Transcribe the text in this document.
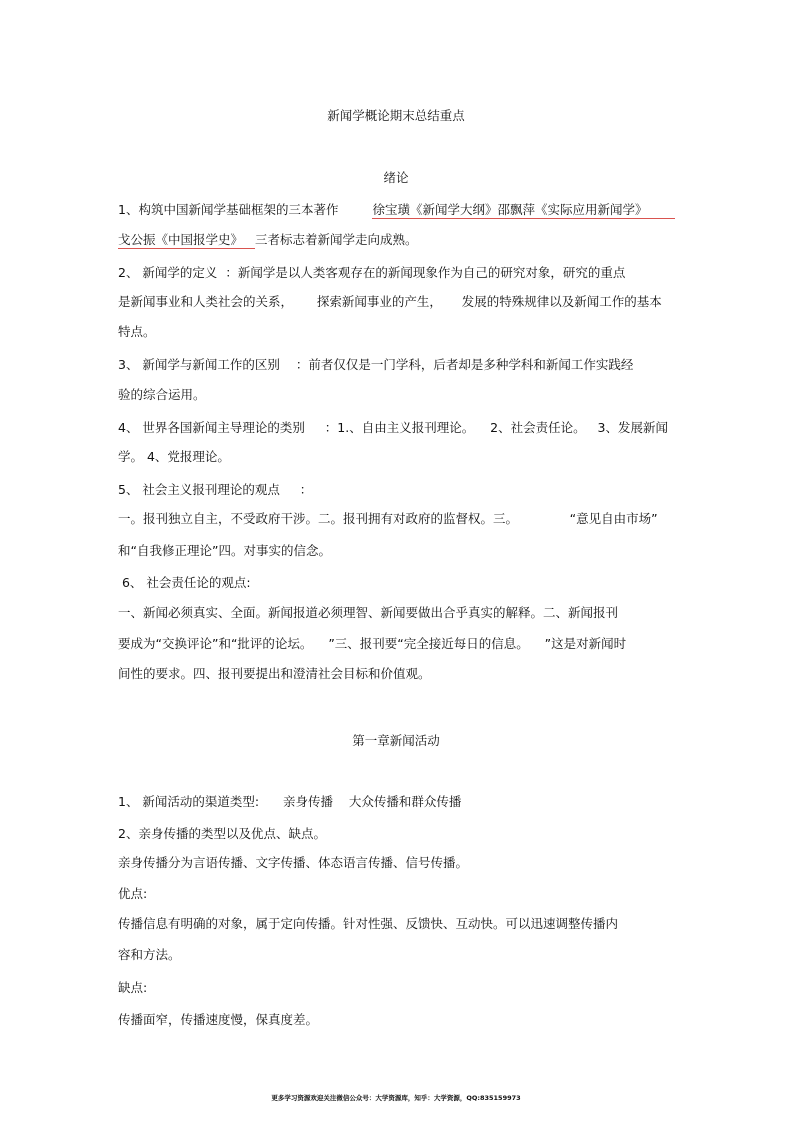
新闻学概论期末总结重点
绪论
1、构筑中国新闻学基础框架的三本著作	徐宝璜《新闻学大纲》邵飘萍《实际应用新闻学》
戈公振《中国报学史》 三者标志着新闻学走向成熟。
2、 新闻学的定义  ：新闻学是以人类客观存在的新闻现象作为自己的研究对象，研究的重点
是新闻事业和人类社会的关系，      探索新闻事业的产生，     发展的特殊规律以及新闻工作的基本
特点。
3、 新闻学与新闻工作的区别    ：前者仅仅是一门学科，后者却是多种学科和新闻工作实践经
验的综合运用。
4、 世界各国新闻主导理论的类别     ：1.、自由主义报刊理论。    2、社会责任论。   3、发展新闻
学。 4、党报理论。
5、 社会主义报刊理论的观点     ：
一。报刊独立自主，不受政府干涉。二。报刊拥有对政府的监督权。三。             “意见自由市场”
和“自我修正理论”四。对事实的信念。
6、 社会责任论的观点:
一、新闻必须真实、全面。新闻报道必须理智、新闻要做出合乎真实的解释。二、新闻报刊
要成为“交换评论”和“批评的论坛。    ”三、报刊要“完全接近每日的信息。    ”这是对新闻时
间性的要求。四、报刊要提出和澄清社会目标和价值观。
第一章新闻活动
1、 新闻活动的渠道类型:      亲身传播    大众传播和群众传播
2、亲身传播的类型以及优点、缺点。
亲身传播分为言语传播、文字传播、体态语言传播、信号传播。
优点:
传播信息有明确的对象，属于定向传播。针对性强、反馈快、互动快。可以迅速调整传播内
容和方法。
缺点:
传播面窄，传播速度慢，保真度差。
更多学习资源欢迎关注微信公众号：大学资源库，知乎：大学资源，QQ:835159973
